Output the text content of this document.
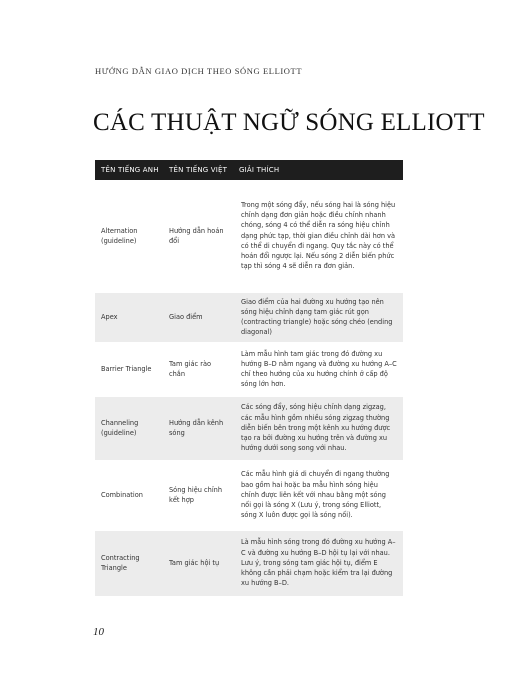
HƯỚNG DẪN GIAO DỊCH THEO SÓNG ELLIOTT
CÁC THUẬT NGỮ SÓNG ELLIOTT
TÊN TIẾNG ANH	TÊN TIẾNG VIỆT	GIẢI THÍCH
Alternation (guideline)	Hướng dẫn hoán đổi	Trong một sóng đẩy, nếu sóng hai là sóng hiệu chỉnh dạng đơn giản hoặc điều chỉnh nhanh chóng, sóng 4 có thể diễn ra sóng hiệu chỉnh dạng phức tạp, thời gian điều chỉnh dài hơn và có thể di chuyển đi ngang. Quy tắc này có thể hoán đổi ngược lại. Nếu sóng 2 diễn biến phức tạp thì sóng 4 sẽ diễn ra đơn giản.
Apex	Giao điểm	Giao điểm của hai đường xu hướng tạo nên sóng hiệu chỉnh dạng tam giác rút gọn (contracting triangle) hoặc sóng chéo (ending diagonal)
Barrier Triangle	Tam giác rào chắn	Làm mẫu hình tam giác trong đó đường xu hướng B–D nằm ngang và đường xu hướng A–C chỉ theo hướng của xu hướng chính ở cấp độ sóng lớn hơn.
Channeling (guideline)	Hướng dẫn kênh sóng	Các sóng đẩy, sóng hiệu chỉnh dạng zigzag, các mẫu hình gồm nhiều sóng zigzag thường diễn biến bên trong một kênh xu hướng được tạo ra bởi đường xu hướng trên và đường xu hướng dưới song song với nhau.
Combination	Sóng hiệu chỉnh kết hợp	Các mẫu hình giá di chuyển đi ngang thường bao gồm hai hoặc ba mẫu hình sóng hiệu chỉnh được liên kết với nhau bằng một sóng nối gọi là sóng X (Lưu ý, trong sóng Elliott, sóng X luôn được gọi là sóng nối).
Contracting Triangle	Tam giác hội tụ	Là mẫu hình sóng trong đó đường xu hướng A–C và đường xu hướng B–D hội tụ lại với nhau. Lưu ý, trong sóng tam giác hội tụ, điểm E không cần phải chạm hoặc kiểm tra lại đường xu hướng B–D.
10
